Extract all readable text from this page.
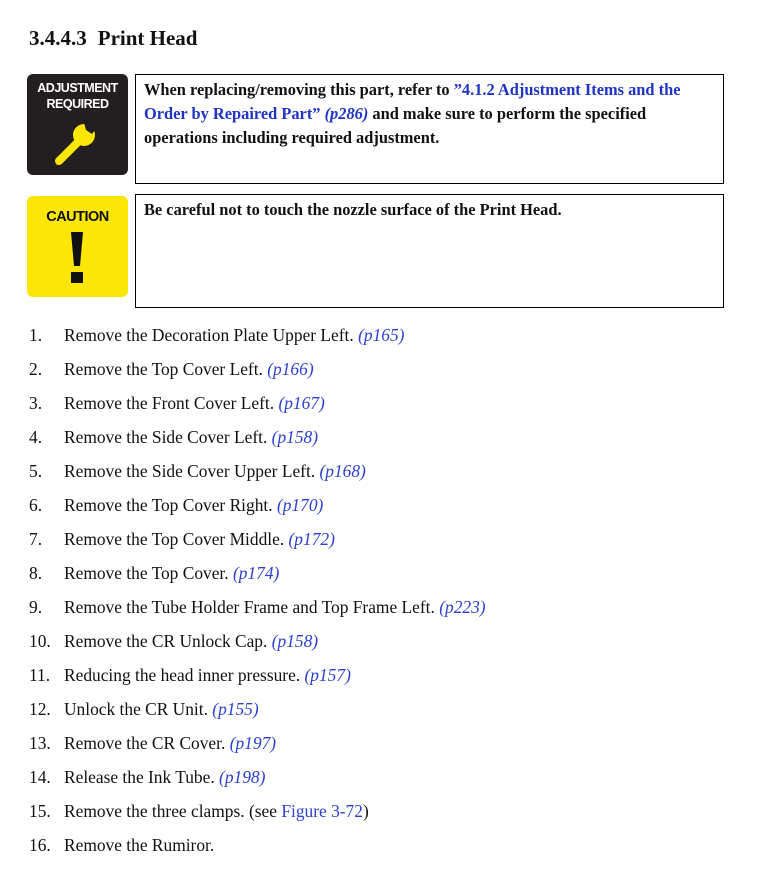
3.4.4.3 Print Head
ADJUSTMENT
REQUIRED
When replacing/removing this part, refer to ”4.1.2 Adjustment Items and the Order by Repaired Part” (p286) and make sure to perform the specified operations including required adjustment.
CAUTION	Be careful not to touch the nozzle surface of the Print Head.
1. Remove the Decoration Plate Upper Left. (p165)
2. Remove the Top Cover Left. (p166)
3. Remove the Front Cover Left. (p167)
4. Remove the Side Cover Left. (p158)
5. Remove the Side Cover Upper Left. (p168)
6. Remove the Top Cover Right. (p170)
7. Remove the Top Cover Middle. (p172)
8. Remove the Top Cover. (p174)
9. Remove the Tube Holder Frame and Top Frame Left. (p223)
10. Remove the CR Unlock Cap. (p158)
11. Reducing the head inner pressure. (p157)
12. Unlock the CR Unit. (p155)
13. Remove the CR Cover. (p197)
14. Release the Ink Tube. (p198)
15. Remove the three clamps. (see Figure 3-72)
16. Remove the Rumiror.
